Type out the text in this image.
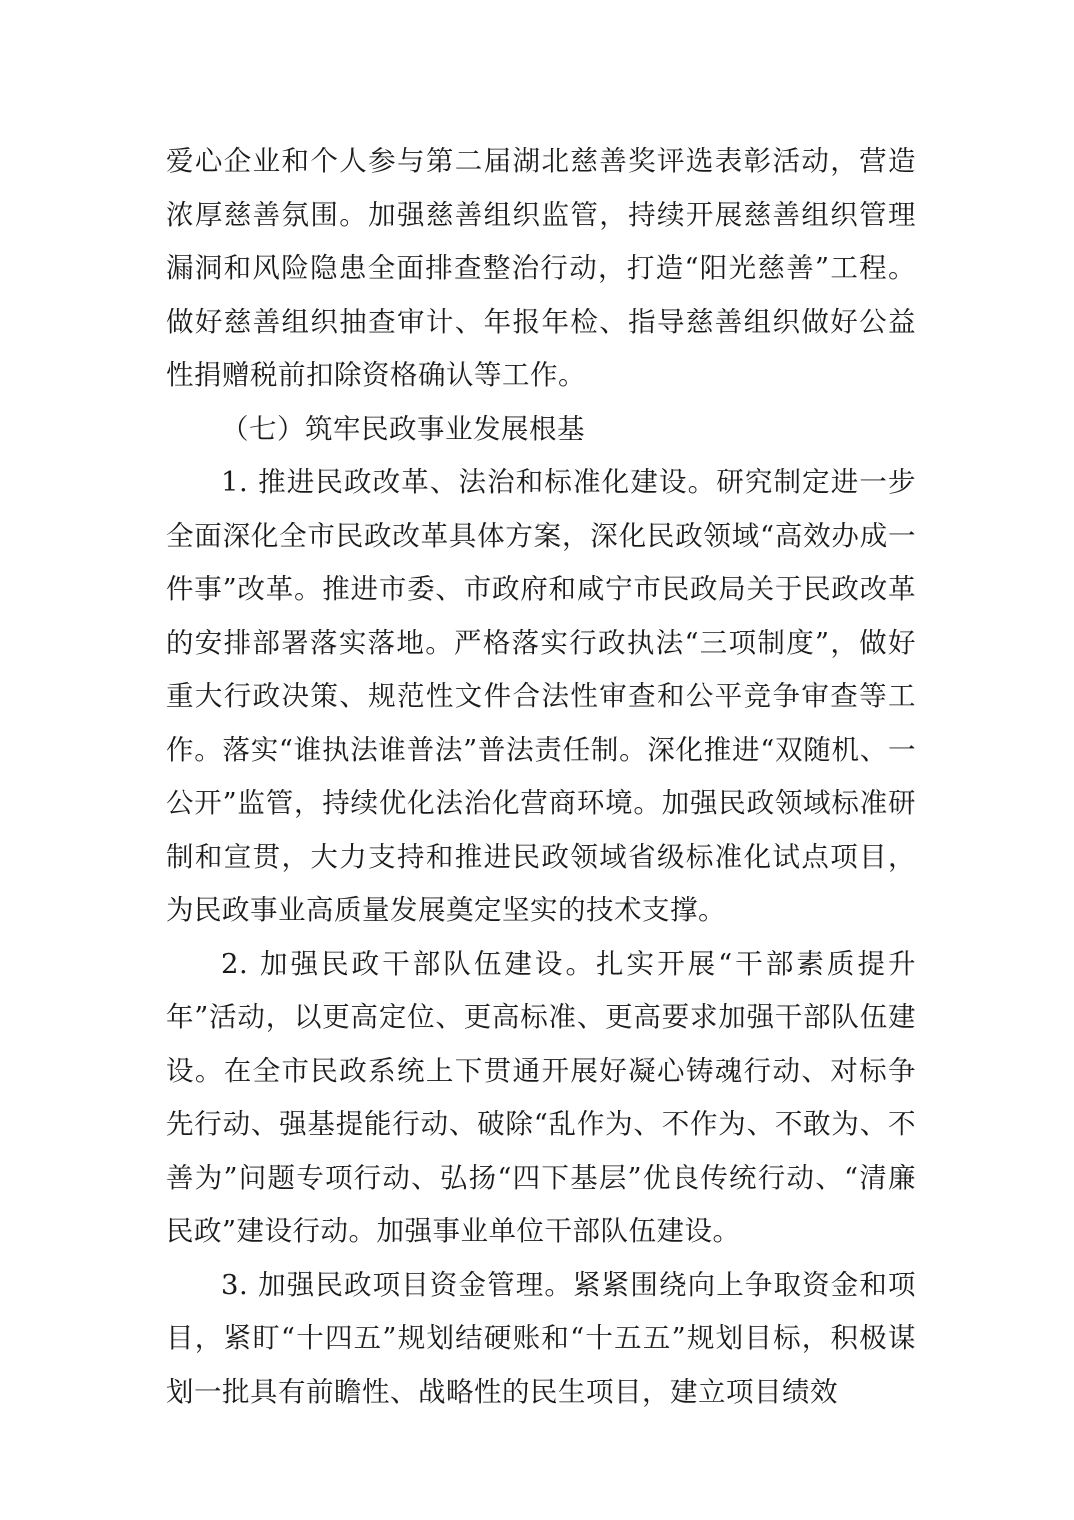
爱心企业和个人参与第二届湖北慈善奖评选表彰活动，营造浓厚慈善氛围。加强慈善组织监管，持续开展慈善组织管理漏洞和风险隐患全面排查整治行动，打造“阳光慈善”工程。做好慈善组织抽查审计、年报年检、指导慈善组织做好公益性捐赠税前扣除资格确认等工作。

（七）筑牢民政事业发展根基

1. 推进民政改革、法治和标准化建设。研究制定进一步全面深化全市民政改革具体方案，深化民政领域“高效办成一件事”改革。推进市委、市政府和咸宁市民政局关于民政改革的安排部署落实落地。严格落实行政执法“三项制度”，做好重大行政决策、规范性文件合法性审查和公平竞争审查等工作。落实“谁执法谁普法”普法责任制。深化推进“双随机、一公开”监管，持续优化法治化营商环境。加强民政领域标准研制和宣贯，大力支持和推进民政领域省级标准化试点项目，为民政事业高质量发展奠定坚实的技术支撑。

2. 加强民政干部队伍建设。扎实开展“干部素质提升年”活动，以更高定位、更高标准、更高要求加强干部队伍建设。在全市民政系统上下贯通开展好凝心铸魂行动、对标争先行动、强基提能行动、破除“乱作为、不作为、不敢为、不善为”问题专项行动、弘扬“四下基层”优良传统行动、“清廉民政”建设行动。加强事业单位干部队伍建设。

3. 加强民政项目资金管理。紧紧围绕向上争取资金和项目，紧盯“十四五”规划结硬账和“十五五”规划目标，积极谋划一批具有前瞻性、战略性的民生项目，建立项目绩效
